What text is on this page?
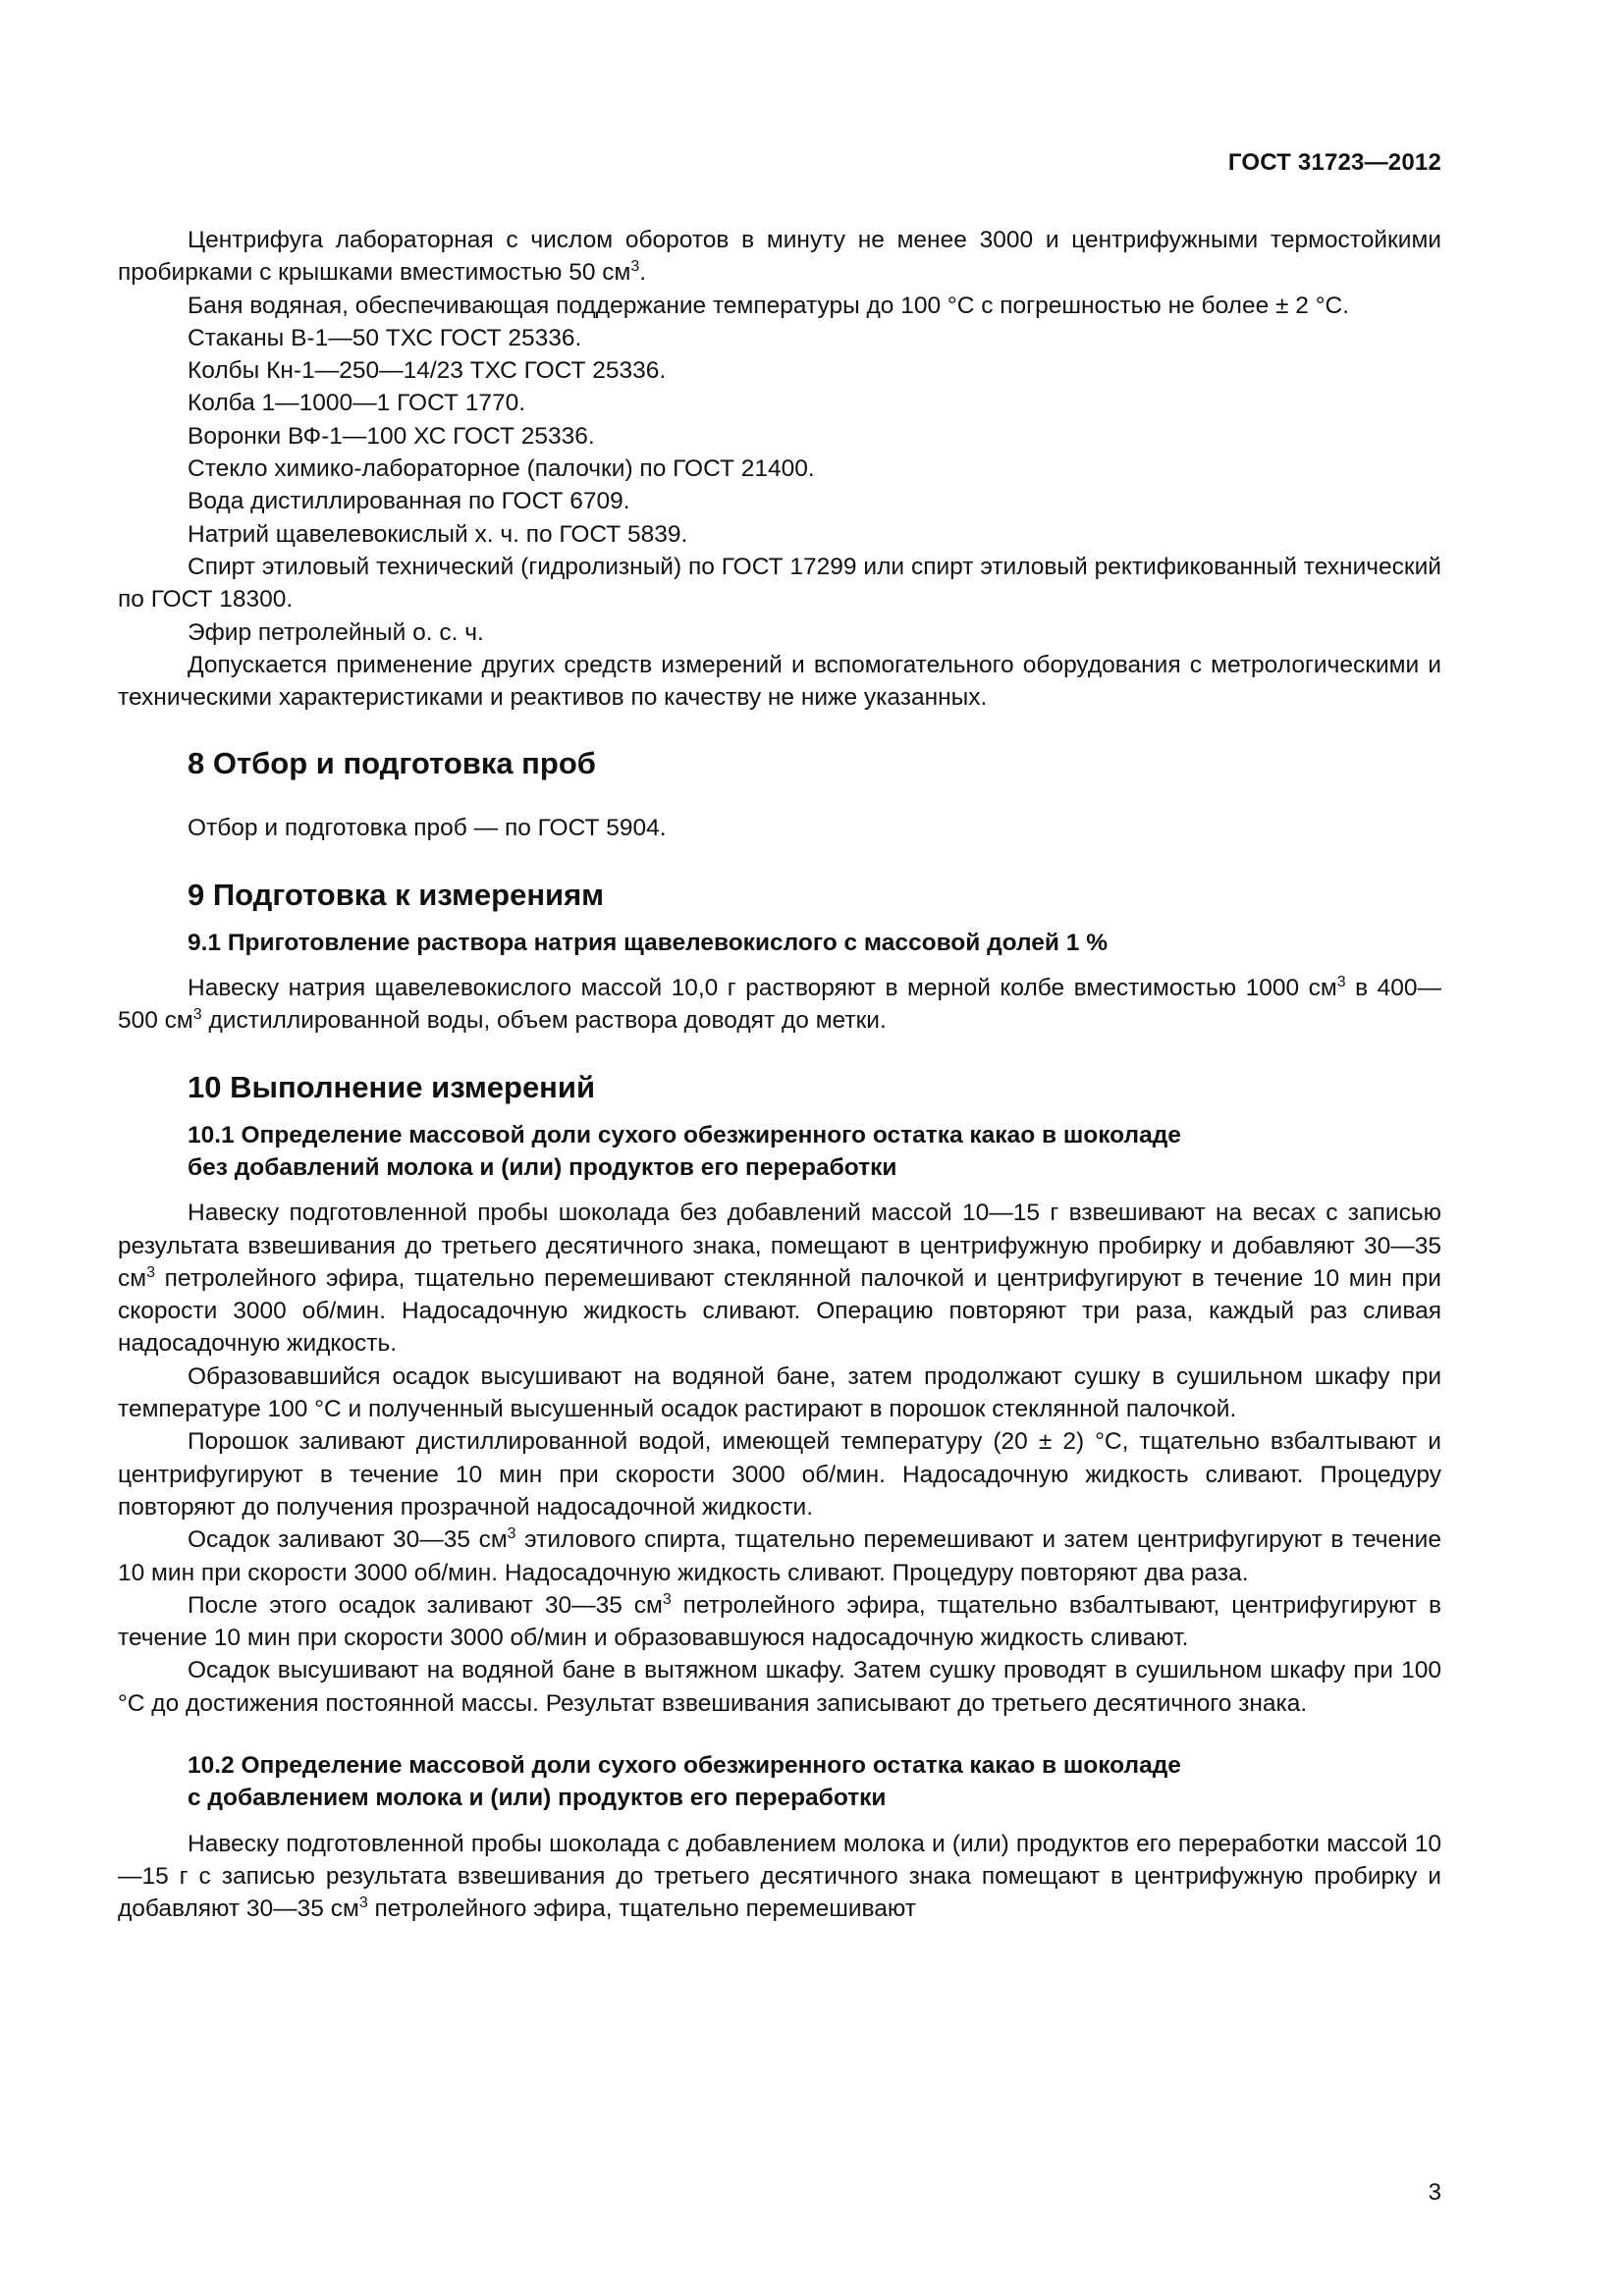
ГОСТ 31723—2012

Центрифуга лабораторная с числом оборотов в минуту не менее 3000 и центрифужными термостойкими пробирками с крышками вместимостью 50 $см^3$.

Баня водяная, обеспечивающая поддержание температуры до 100 °С с погрешностью не более ± 2 °С.

Стаканы В-1—50 ТХС ГОСТ 25336.

Колбы Кн-1—250—14/23 ТХС ГОСТ 25336.

Колба 1—1000—1 ГОСТ 1770.

Воронки ВФ-1—100 ХС ГОСТ 25336.

Стекло химико-лабораторное (палочки) по ГОСТ 21400.

Вода дистиллированная по ГОСТ 6709.

Натрий щавелевокислый х. ч. по ГОСТ 5839.

Спирт этиловый технический (гидролизный) по ГОСТ 17299 или спирт этиловый ректификованный технический по ГОСТ 18300.

Эфир петролейный о. с. ч.

Допускается применение других средств измерений и вспомогательного оборудования с метрологическими и техническими характеристиками и реактивов по качеству не ниже указанных.

8 Отбор и подготовка проб

Отбор и подготовка проб — по ГОСТ 5904.

9 Подготовка к измерениям
9.1 Приготовление раствора натрия щавелевокислого с массовой долей 1 %

Навеску натрия щавелевокислого массой 10,0 г растворяют в мерной колбе вместимостью 1000 $см^3$ в 400—500 $см^3$ дистиллированной воды, объем раствора доводят до метки.

10 Выполнение измерений
10.1 Определение массовой доли сухого обезжиренного остатка какао в шоколаде
без добавлений молока и (или) продуктов его переработки

Навеску подготовленной пробы шоколада без добавлений массой 10—15 г взвешивают на весах с записью результата взвешивания до третьего десятичного знака, помещают в центрифужную пробирку и добавляют 30—35 $см^3$ петролейного эфира, тщательно перемешивают стеклянной палочкой и центрифугируют в течение 10 мин при скорости 3000 об/мин. Надосадочную жидкость сливают. Операцию повторяют три раза, каждый раз сливая надосадочную жидкость.

Образовавшийся осадок высушивают на водяной бане, затем продолжают сушку в сушильном шкафу при температуре 100 °С и полученный высушенный осадок растирают в порошок стеклянной палочкой.

Порошок заливают дистиллированной водой, имеющей температуру (20 ± 2) °С, тщательно взбалтывают и центрифугируют в течение 10 мин при скорости 3000 об/мин. Надосадочную жидкость сливают. Процедуру повторяют до получения прозрачной надосадочной жидкости.

Осадок заливают 30—35 $см^3$ этилового спирта, тщательно перемешивают и затем центрифугируют в течение 10 мин при скорости 3000 об/мин. Надосадочную жидкость сливают. Процедуру повторяют два раза.

После этого осадок заливают 30—35 $см^3$ петролейного эфира, тщательно взбалтывают, центрифугируют в течение 10 мин при скорости 3000 об/мин и образовавшуюся надосадочную жидкость сливают.

Осадок высушивают на водяной бане в вытяжном шкафу. Затем сушку проводят в сушильном шкафу при 100 °С до достижения постоянной массы. Результат взвешивания записывают до третьего десятичного знака.

10.2 Определение массовой доли сухого обезжиренного остатка какао в шоколаде
с добавлением молока и (или) продуктов его переработки

Навеску подготовленной пробы шоколада с добавлением молока и (или) продуктов его переработки массой 10—15 г с записью результата взвешивания до третьего десятичного знака помещают в центрифужную пробирку и добавляют 30—35 $см^3$ петролейного эфира, тщательно перемешивают

3
